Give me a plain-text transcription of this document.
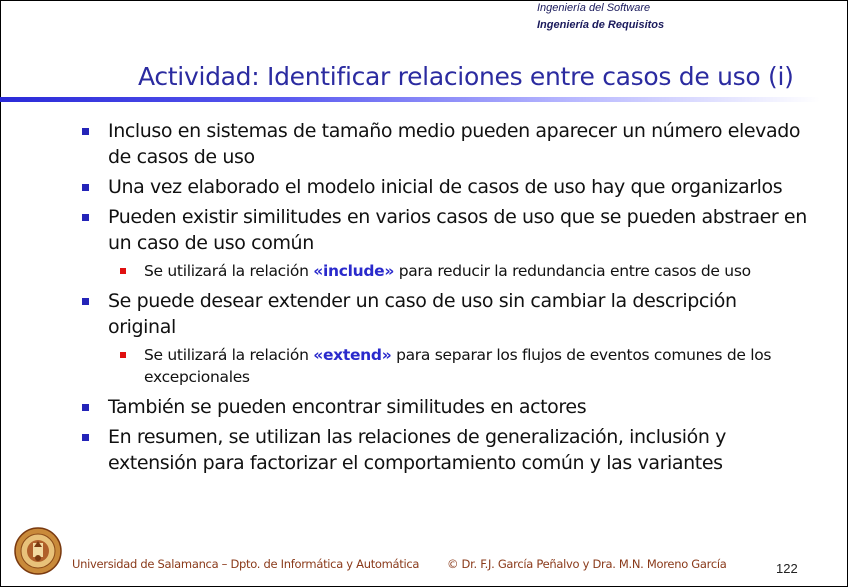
Ingeniería del Software
Ingeniería de Requisitos
Actividad: Identificar relaciones entre casos de uso (i)
Incluso en sistemas de tamaño medio pueden aparecer un número elevado de casos de uso
Una vez elaborado el modelo inicial de casos de uso hay que organizarlos
Pueden existir similitudes en varios casos de uso que se pueden abstraer en un caso de uso común
Se utilizará la relación «include» para reducir la redundancia entre casos de uso
Se puede desear extender un caso de uso sin cambiar la descripción original
Se utilizará la relación «extend» para separar los flujos de eventos comunes de los excepcionales
También se pueden encontrar similitudes en actores
En resumen, se utilizan las relaciones de generalización, inclusión y extensión para factorizar el comportamiento común y las variantes
Universidad de Salamanca – Dpto. de Informática y Automática © Dr. F.J. García Peñalvo y Dra. M.N. Moreno García	122
